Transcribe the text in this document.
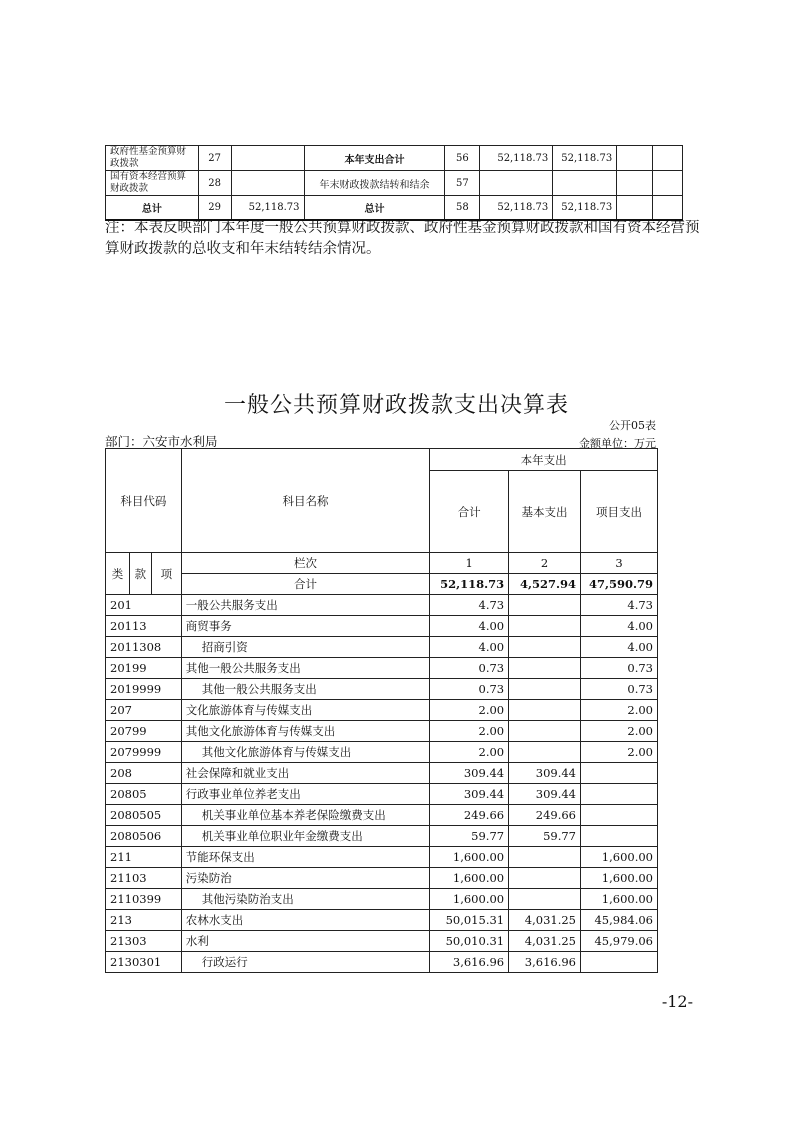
政府性基金预算财政拨款	27		本年支出合计	56	52,118.73	52,118.73		
国有资本经营预算财政拨款	28		年末财政拨款结转和结余	57				
总计	29	52,118.73	总计	58	52,118.73	52,118.73		
注：本表反映部门本年度一般公共预算财政拨款、政府性基金预算财政拨款和国有资本经营预算财政拨款的总收支和年末结转结余情况。
一般公共预算财政拨款支出决算表
公开05表
部门：六安市水利局	金额单位：万元
科目代码			科目名称	本年支出		
				合计	基本支出	项目支出
类	款	项	栏次	1	2	3
			合计	52,118.73	4,527.94	47,590.79
201			一般公共服务支出	4.73		4.73
20113			商贸事务	4.00		4.00
2011308			招商引资	4.00		4.00
20199			其他一般公共服务支出	0.73		0.73
2019999			其他一般公共服务支出	0.73		0.73
207			文化旅游体育与传媒支出	2.00		2.00
20799			其他文化旅游体育与传媒支出	2.00		2.00
2079999			其他文化旅游体育与传媒支出	2.00		2.00
208			社会保障和就业支出	309.44	309.44	
20805			行政事业单位养老支出	309.44	309.44	
2080505			机关事业单位基本养老保险缴费支出	249.66	249.66	
2080506			机关事业单位职业年金缴费支出	59.77	59.77	
211			节能环保支出	1,600.00		1,600.00
21103			污染防治	1,600.00		1,600.00
2110399			其他污染防治支出	1,600.00		1,600.00
213			农林水支出	50,015.31	4,031.25	45,984.06
21303			水利	50,010.31	4,031.25	45,979.06
2130301			行政运行	3,616.96	3,616.96	
-12-
